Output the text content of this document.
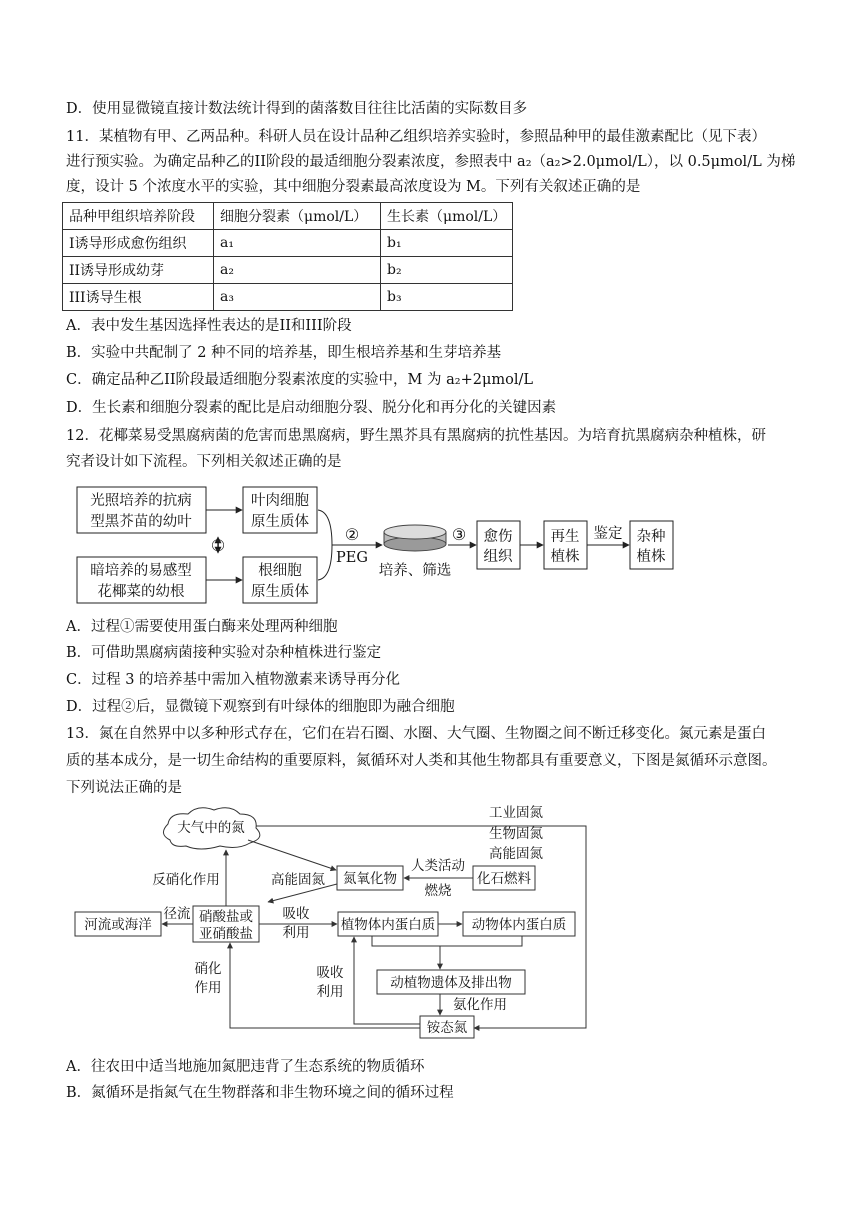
D．使用显微镜直接计数法统计得到的菌落数目往往比活菌的实际数目多
11．某植物有甲、乙两品种。科研人员在设计品种乙组织培养实验时，参照品种甲的最佳激素配比（见下表）
进行预实验。为确定品种乙的II阶段的最适细胞分裂素浓度，参照表中 a₂（a₂>2.0μmol/L），以 0.5μmol/L 为梯
度，设计 5 个浓度水平的实验，其中细胞分裂素最高浓度设为 M。下列有关叙述正确的是
品种甲组织培养阶段	细胞分裂素（μmol/L）	生长素（μmol/L）
I诱导形成愈伤组织	a₁	b₁
II诱导形成幼芽	a₂	b₂
III诱导生根	a₃	b₃
A．表中发生基因选择性表达的是II和III阶段
B．实验中共配制了 2 种不同的培养基，即生根培养基和生芽培养基
C．确定品种乙II阶段最适细胞分裂素浓度的实验中，M 为 a₂+2μmol/L
D．生长素和细胞分裂素的配比是启动细胞分裂、脱分化和再分化的关键因素
12．花椰菜易受黑腐病菌的危害而患黑腐病，野生黑芥具有黑腐病的抗性基因。为培育抗黑腐病杂种植株，研
究者设计如下流程。下列相关叙述正确的是
光照培养的抗病
型黑芥苗的幼叶
暗培养的易感型
花椰菜的幼根
叶肉细胞
原生质体
根细胞
原生质体
①
②
PEG
③
培养、筛选
愈伤
组织
再生
植株
鉴定 杂种
植株
A．过程①需要使用蛋白酶来处理两种细胞
B．可借助黑腐病菌接种实验对杂种植株进行鉴定
C．过程 3 的培养基中需加入植物激素来诱导再分化
D．过程②后，显微镜下观察到有叶绿体的细胞即为融合细胞
13．氮在自然界中以多种形式存在，它们在岩石圈、水圈、大气圈、生物圈之间不断迁移变化。氮元素是蛋白
质的基本成分，是一切生命结构的重要原料，氮循环对人类和其他生物都具有重要意义，下图是氮循环示意图。
下列说法正确的是
大气中的氮
工业固氮
生物固氮
高能固氮
反硝化作用	高能固氮 氮氧化物
人类活动
燃烧
化石燃料
河流或海洋
径流 硝酸盐或
亚硝酸盐
吸收
利用 植物体内蛋白质	动物体内蛋白质
硝化
作用
吸收
利用
动植物遗体及排出物
氨化作用
铵态氮
A．往农田中适当地施加氮肥违背了生态系统的物质循环
B．氮循环是指氮气在生物群落和非生物环境之间的循环过程
